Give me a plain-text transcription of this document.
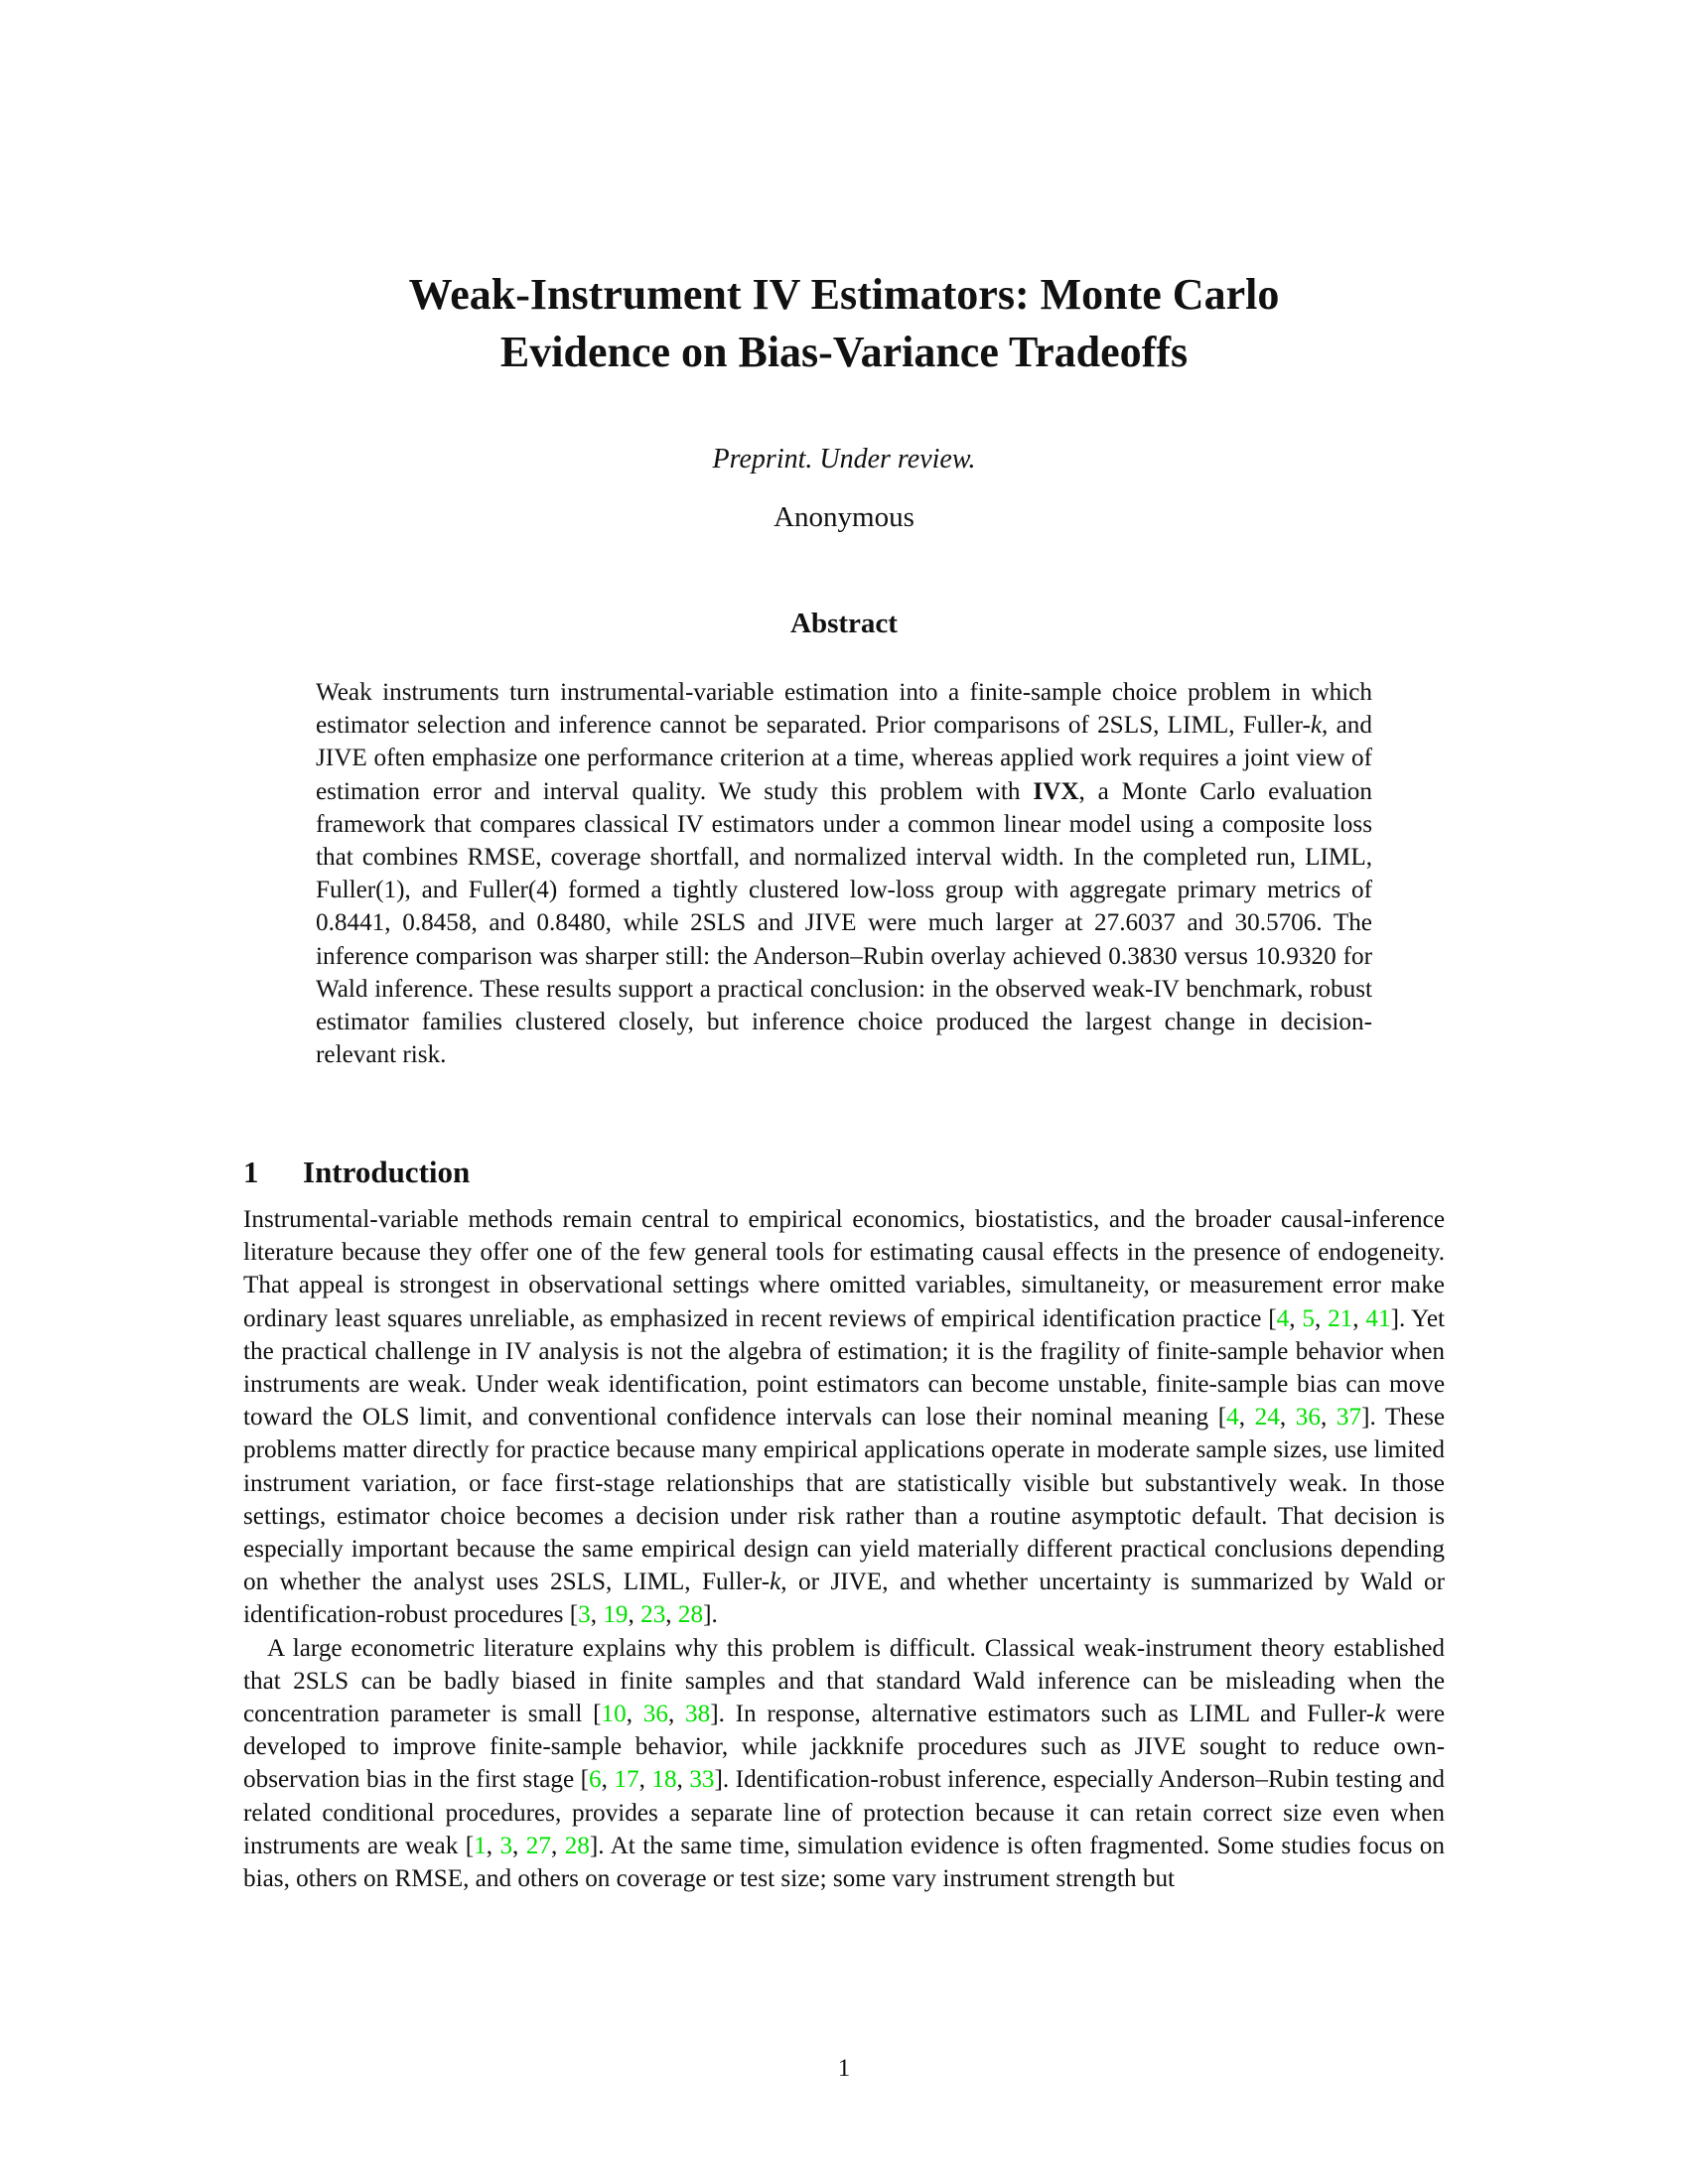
Weak-Instrument IV Estimators: Monte Carlo
Evidence on Bias-Variance Tradeoffs
Preprint. Under review.
Anonymous
Abstract
Weak instruments turn instrumental-variable estimation into a finite-sample choice problem in which estimator selection and inference cannot be separated. Prior comparisons of 2SLS, LIML, Fuller-k, and JIVE often emphasize one performance criterion at a time, whereas applied work requires a joint view of estimation error and interval quality. We study this problem with IVX, a Monte Carlo evaluation framework that compares classical IV estimators under a common linear model using a composite loss that combines RMSE, coverage shortfall, and normalized interval width. In the completed run, LIML, Fuller(1), and Fuller(4) formed a tightly clustered low-loss group with aggregate primary metrics of 0.8441, 0.8458, and 0.8480, while 2SLS and JIVE were much larger at 27.6037 and 30.5706. The inference comparison was sharper still: the Anderson–Rubin overlay achieved 0.3830 versus 10.9320 for Wald inference. These results support a practical conclusion: in the observed weak-IV benchmark, robust estimator families clustered closely, but inference choice produced the largest change in decision-relevant risk.
1 Introduction

Instrumental-variable methods remain central to empirical economics, biostatistics, and the broader causal-inference literature because they offer one of the few general tools for estimating causal effects in the presence of endogeneity. That appeal is strongest in observational settings where omitted variables, simultaneity, or measurement error make ordinary least squares unreliable, as emphasized in recent reviews of empirical identification practice [4, 5, 21, 41]. Yet the practical challenge in IV analysis is not the algebra of estimation; it is the fragility of finite-sample behavior when instruments are weak. Under weak identification, point estimators can become unstable, finite-sample bias can move toward the OLS limit, and conventional confidence intervals can lose their nominal meaning [4, 24, 36, 37]. These problems matter directly for practice because many empirical applications operate in moderate sample sizes, use limited instrument variation, or face first-stage relationships that are statistically visible but substantively weak. In those settings, estimator choice becomes a decision under risk rather than a routine asymptotic default. That decision is especially important because the same empirical design can yield materially different practical conclusions depending on whether the analyst uses 2SLS, LIML, Fuller-k, or JIVE, and whether uncertainty is summarized by Wald or identification-robust procedures [3, 19, 23, 28].

A large econometric literature explains why this problem is difficult. Classical weak-instrument theory established that 2SLS can be badly biased in finite samples and that standard Wald inference can be misleading when the concentration parameter is small [10, 36, 38]. In response, alternative estimators such as LIML and Fuller-k were developed to improve finite-sample behavior, while jackknife procedures such as JIVE sought to reduce own-observation bias in the first stage [6, 17, 18, 33]. Identification-robust inference, especially Anderson–Rubin testing and related conditional procedures, provides a separate line of protection because it can retain correct size even when instruments are weak [1, 3, 27, 28]. At the same time, simulation evidence is often fragmented. Some studies focus on bias, others on RMSE, and others on coverage or test size; some vary instrument strength but

1
